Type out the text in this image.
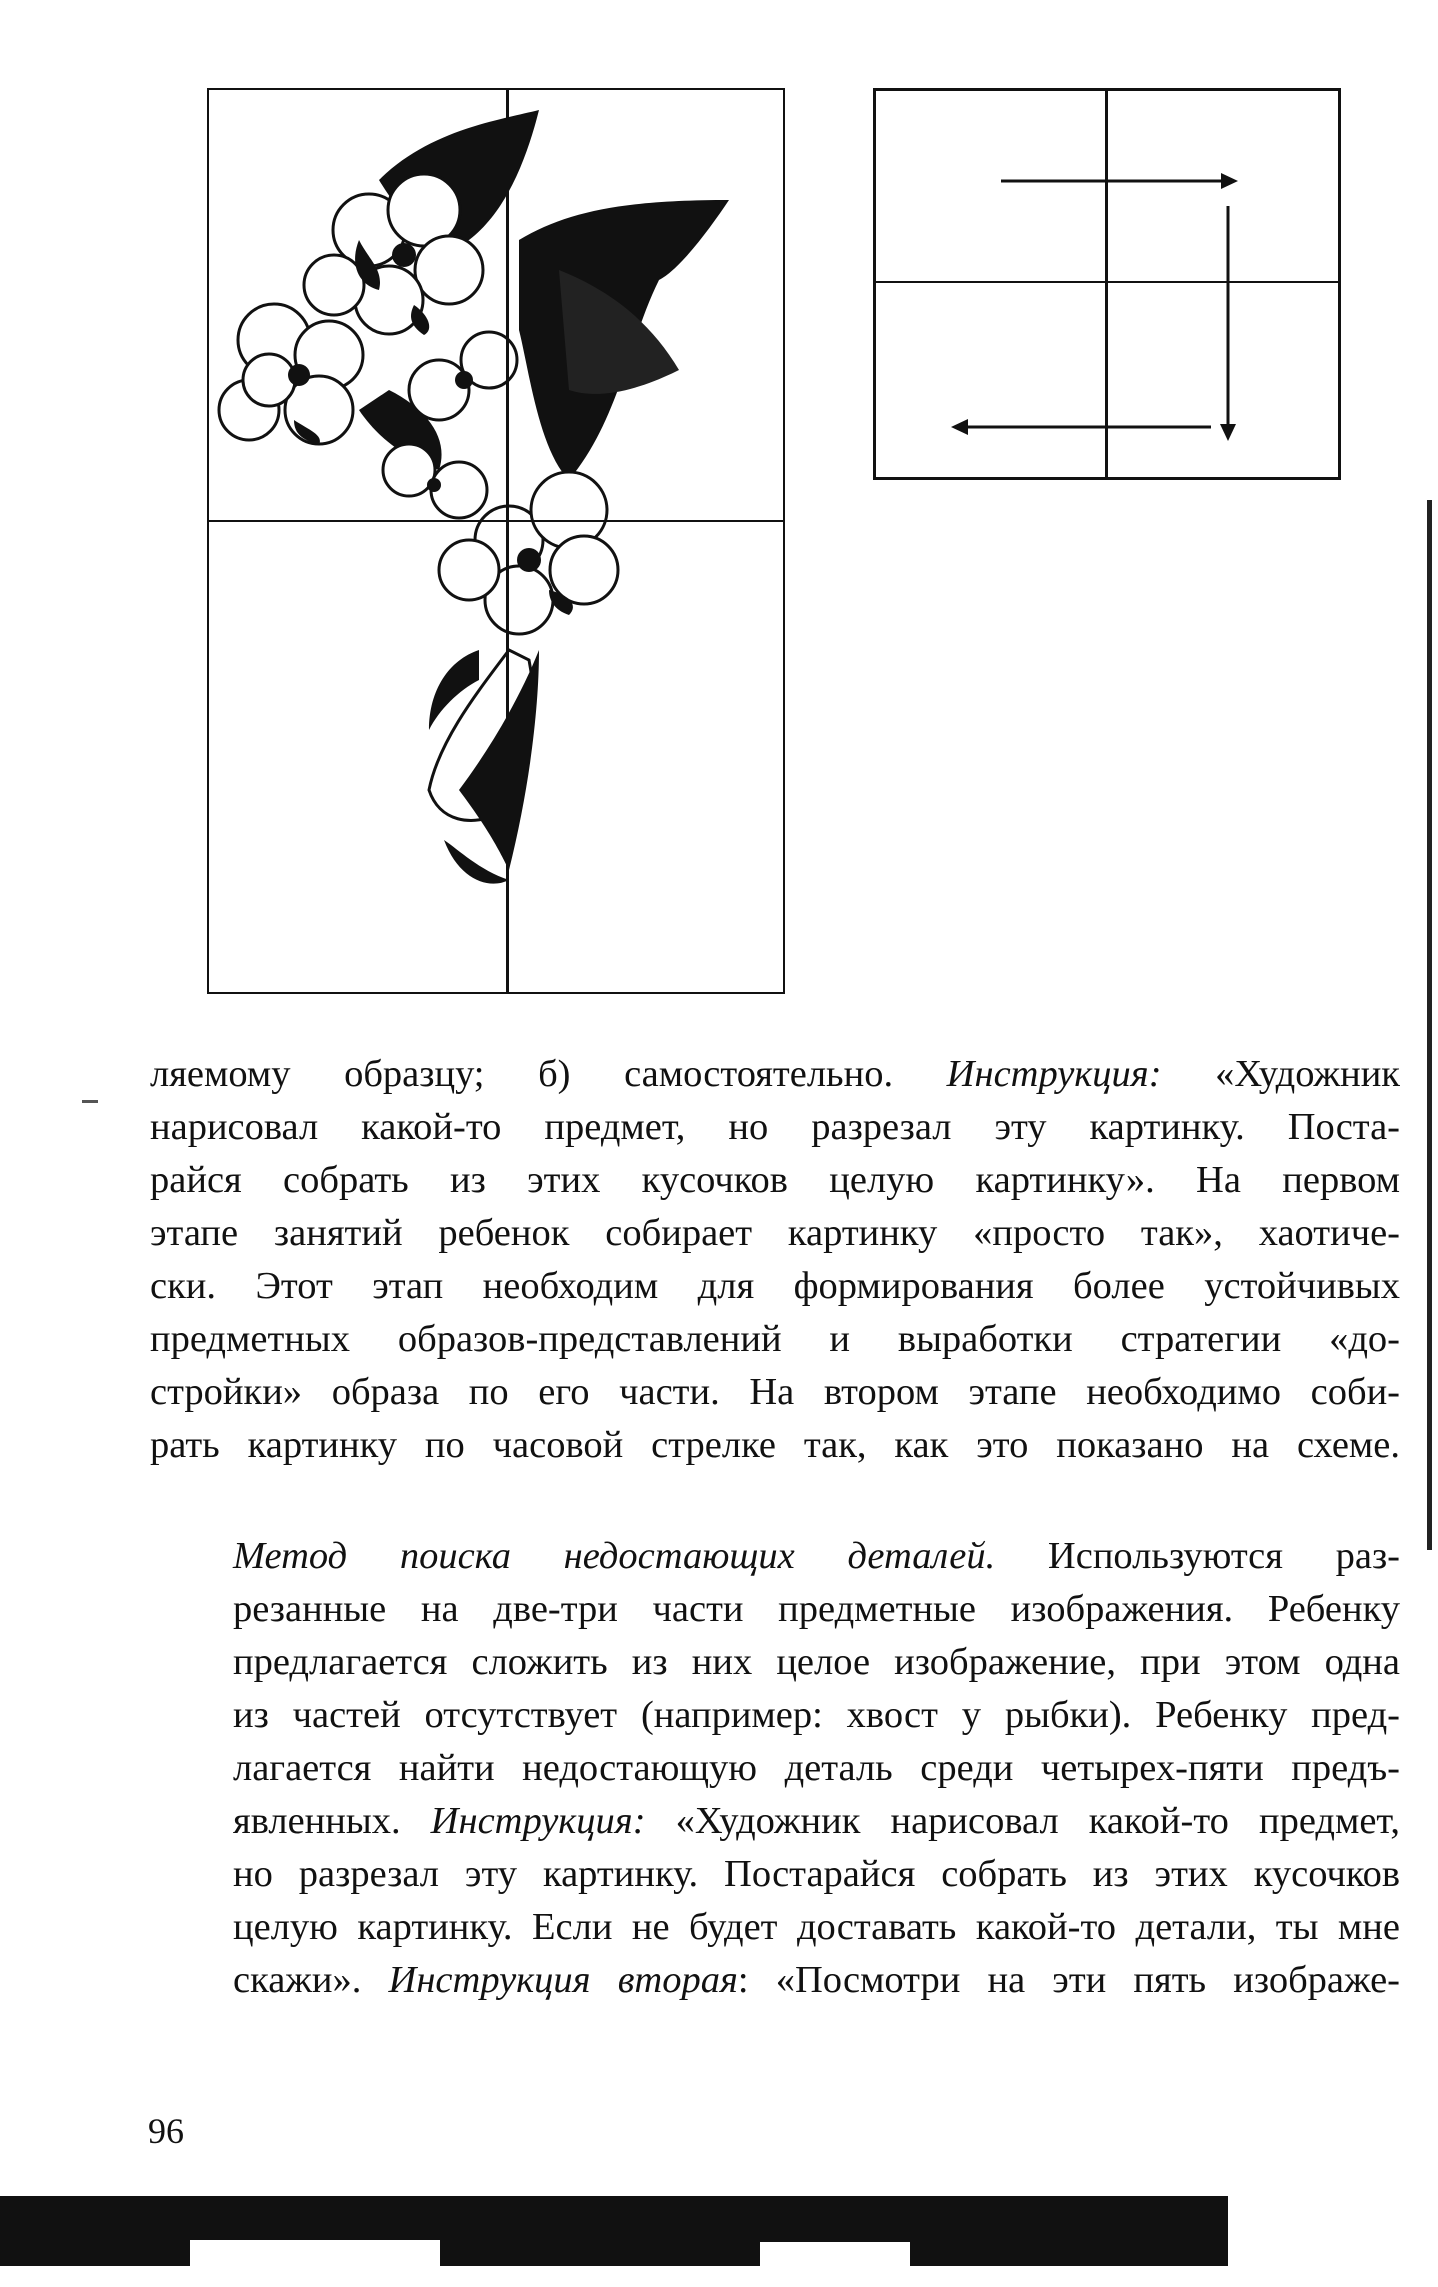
ляемому образцу; б) самостоятельно. Инструкция: «Художник
нарисовал какой-то предмет, но разрезал эту картинку. Поста-
райся собрать из этих кусочков целую картинку». На первом
этапе занятий ребенок собирает картинку «просто так», хаотиче-
ски. Этот этап необходим для формирования более устойчивых
предметных образов-представлений и выработки стратегии «до-
стройки» образа по его части. На втором этапе необходимо соби-
рать картинку по часовой стрелке так, как это показано на схеме.

Метод поиска недостающих деталей. Используются раз-
резанные на две-три части предметные изображения. Ребенку
предлагается сложить из них целое изображение, при этом одна
из частей отсутствует (например: хвост у рыбки). Ребенку пред-
лагается найти недостающую деталь среди четырех-пяти предъ-
явленных. Инструкция: «Художник нарисовал какой-то предмет,
но разрезал эту картинку. Постарайся собрать из этих кусочков
целую картинку. Если не будет доставать какой-то детали, ты мне
скажи». Инструкция вторая: «Посмотри на эти пять изображе-

96
